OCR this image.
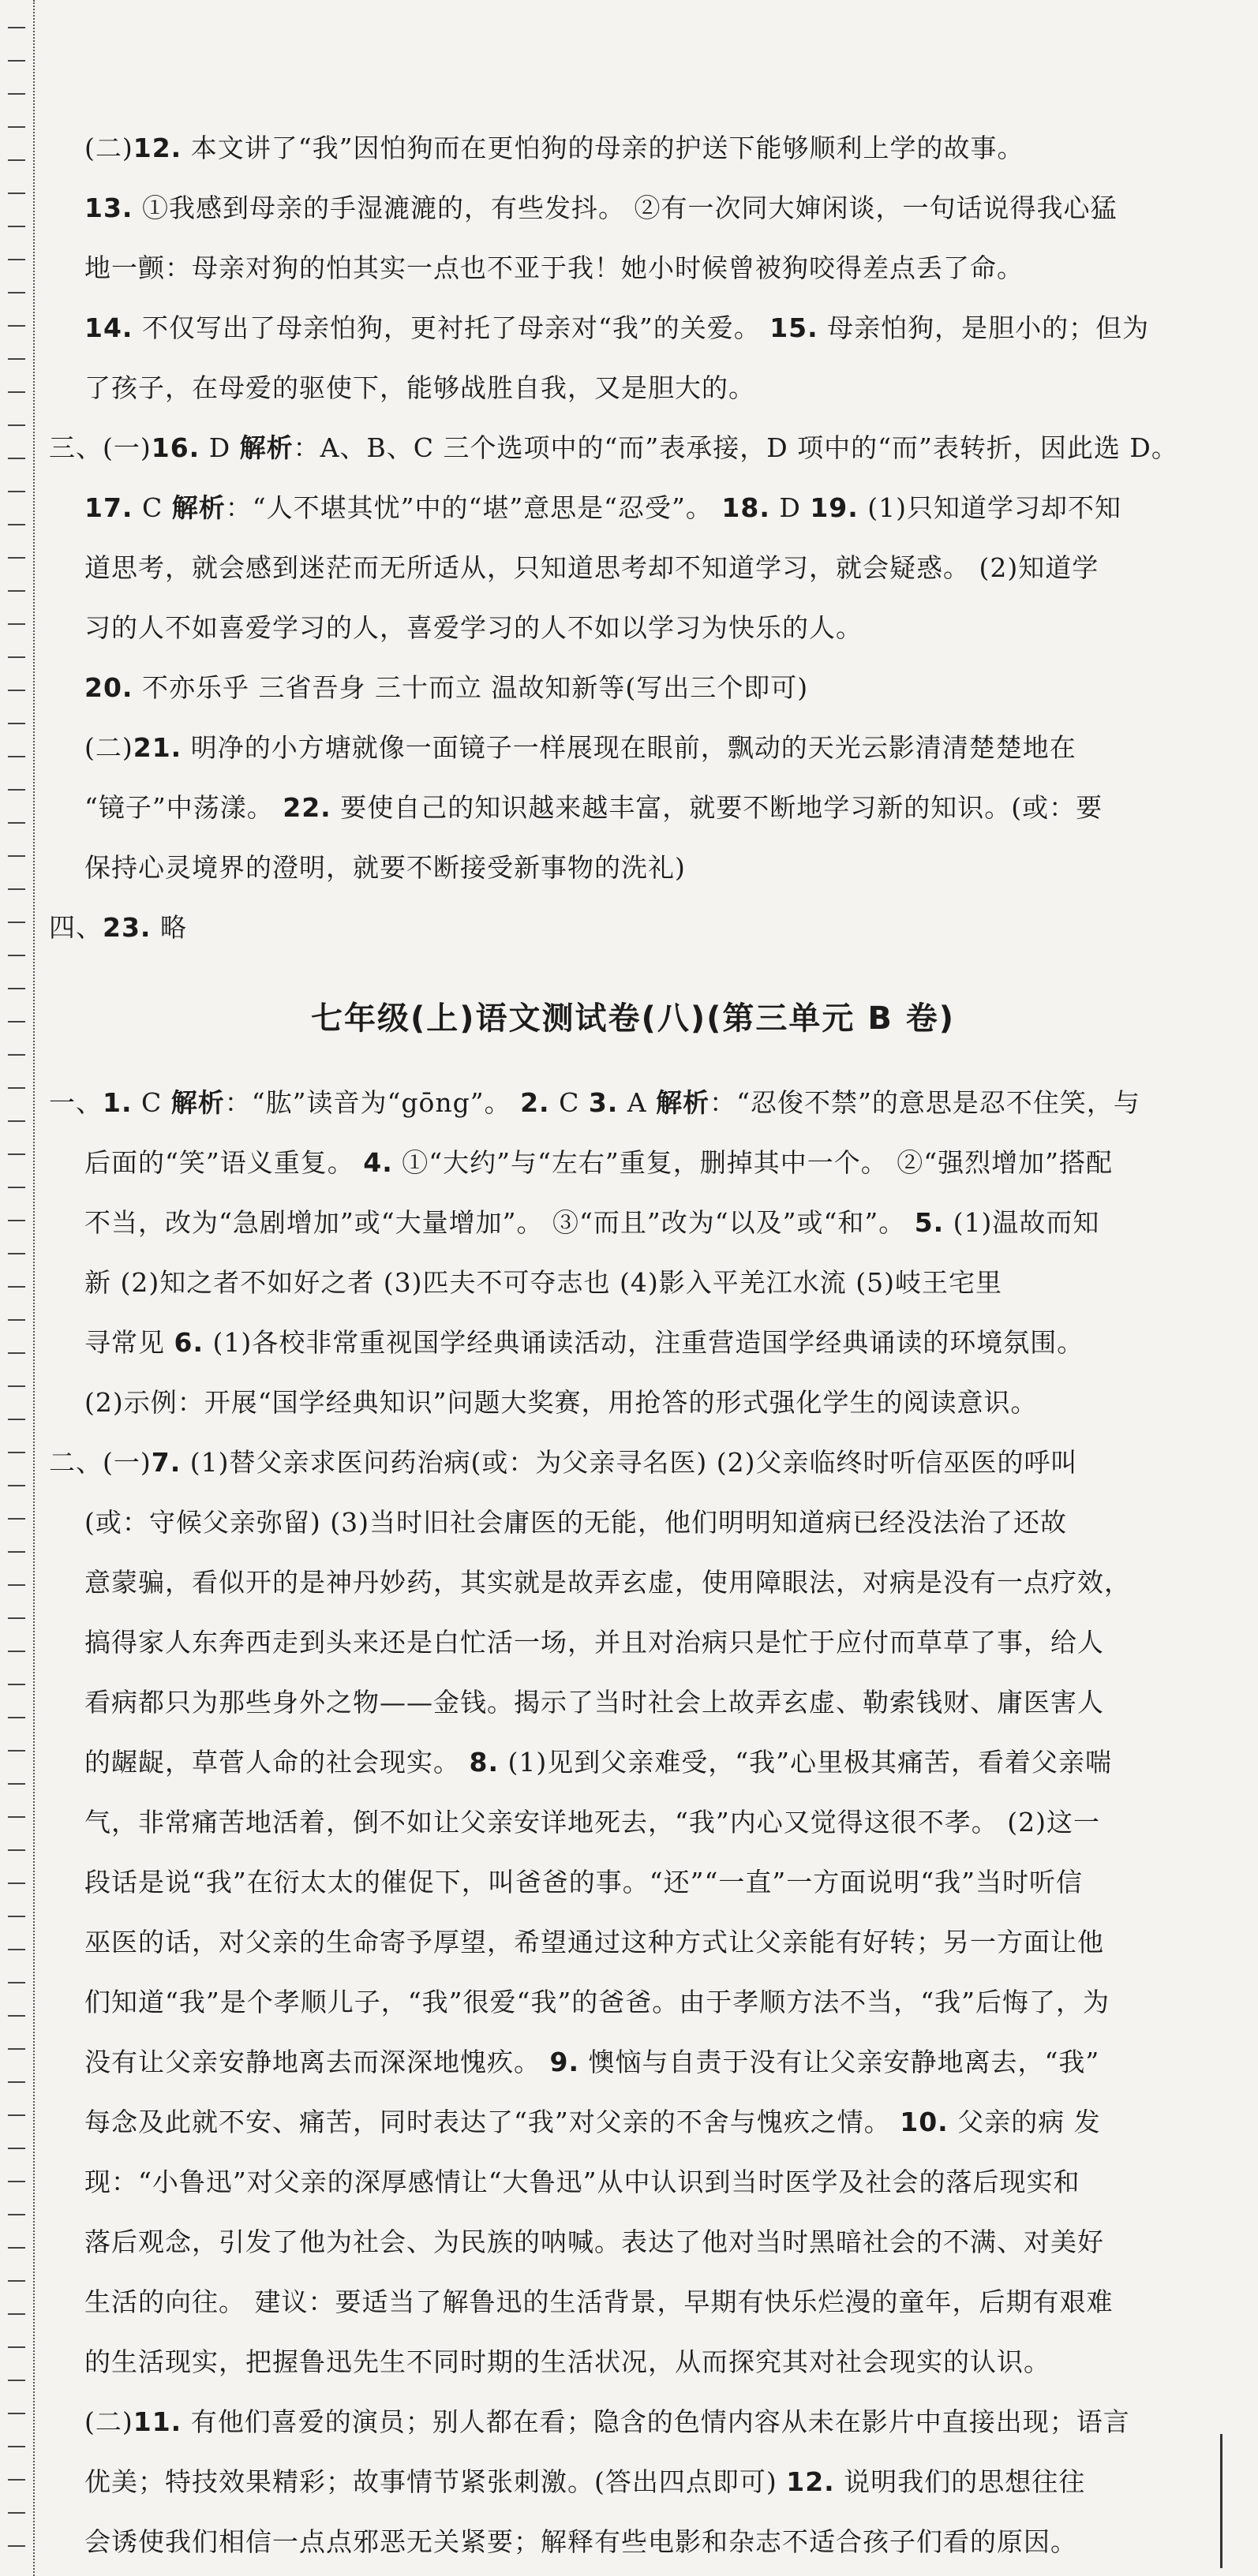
(二)12. 本文讲了“我”因怕狗而在更怕狗的母亲的护送下能够顺利上学的故事。

13. ①我感到母亲的手湿漉漉的，有些发抖。 ②有一次同大婶闲谈，一句话说得我心猛

地一颤：母亲对狗的怕其实一点也不亚于我！她小时候曾被狗咬得差点丢了命。

14. 不仅写出了母亲怕狗，更衬托了母亲对“我”的关爱。 15. 母亲怕狗，是胆小的；但为

了孩子，在母爱的驱使下，能够战胜自我，又是胆大的。

三、(一)16. D 解析：A、B、C 三个选项中的“而”表承接，D 项中的“而”表转折，因此选 D。

17. C 解析：“人不堪其忧”中的“堪”意思是“忍受”。 18. D 19. (1)只知道学习却不知

道思考，就会感到迷茫而无所适从，只知道思考却不知道学习，就会疑惑。 (2)知道学

习的人不如喜爱学习的人，喜爱学习的人不如以学习为快乐的人。

20. 不亦乐乎 三省吾身 三十而立 温故知新等(写出三个即可)

(二)21. 明净的小方塘就像一面镜子一样展现在眼前，飘动的天光云影清清楚楚地在

“镜子”中荡漾。 22. 要使自己的知识越来越丰富，就要不断地学习新的知识。(或：要

保持心灵境界的澄明，就要不断接受新事物的洗礼)

四、23. 略

七年级(上)语文测试卷(八)(第三单元 B 卷)

一、1. C 解析：“肱”读音为“gōng”。 2. C 3. A 解析：“忍俊不禁”的意思是忍不住笑，与

后面的“笑”语义重复。 4. ①“大约”与“左右”重复，删掉其中一个。 ②“强烈增加”搭配

不当，改为“急剧增加”或“大量增加”。 ③“而且”改为“以及”或“和”。 5. (1)温故而知

新 (2)知之者不如好之者 (3)匹夫不可夺志也 (4)影入平羌江水流 (5)岐王宅里

寻常见 6. (1)各校非常重视国学经典诵读活动，注重营造国学经典诵读的环境氛围。

(2)示例：开展“国学经典知识”问题大奖赛，用抢答的形式强化学生的阅读意识。

二、(一)7. (1)替父亲求医问药治病(或：为父亲寻名医) (2)父亲临终时听信巫医的呼叫

(或：守候父亲弥留) (3)当时旧社会庸医的无能，他们明明知道病已经没法治了还故

意蒙骗，看似开的是神丹妙药，其实就是故弄玄虚，使用障眼法，对病是没有一点疗效，

搞得家人东奔西走到头来还是白忙活一场，并且对治病只是忙于应付而草草了事，给人

看病都只为那些身外之物——金钱。揭示了当时社会上故弄玄虚、勒索钱财、庸医害人

的龌龊，草菅人命的社会现实。 8. (1)见到父亲难受，“我”心里极其痛苦，看着父亲喘

气，非常痛苦地活着，倒不如让父亲安详地死去，“我”内心又觉得这很不孝。 (2)这一

段话是说“我”在衍太太的催促下，叫爸爸的事。“还”“一直”一方面说明“我”当时听信

巫医的话，对父亲的生命寄予厚望，希望通过这种方式让父亲能有好转；另一方面让他

们知道“我”是个孝顺儿子，“我”很爱“我”的爸爸。由于孝顺方法不当，“我”后悔了，为

没有让父亲安静地离去而深深地愧疚。 9. 懊恼与自责于没有让父亲安静地离去，“我”

每念及此就不安、痛苦，同时表达了“我”对父亲的不舍与愧疚之情。 10. 父亲的病 发

现：“小鲁迅”对父亲的深厚感情让“大鲁迅”从中认识到当时医学及社会的落后现实和

落后观念，引发了他为社会、为民族的呐喊。表达了他对当时黑暗社会的不满、对美好

生活的向往。 建议：要适当了解鲁迅的生活背景，早期有快乐烂漫的童年，后期有艰难

的生活现实，把握鲁迅先生不同时期的生活状况，从而探究其对社会现实的认识。

(二)11. 有他们喜爱的演员；别人都在看；隐含的色情内容从未在影片中直接出现；语言

优美；特技效果精彩；故事情节紧张刺激。(答出四点即可) 12. 说明我们的思想往往

会诱使我们相信一点点邪恶无关紧要；解释有些电影和杂志不适合孩子们看的原因。
